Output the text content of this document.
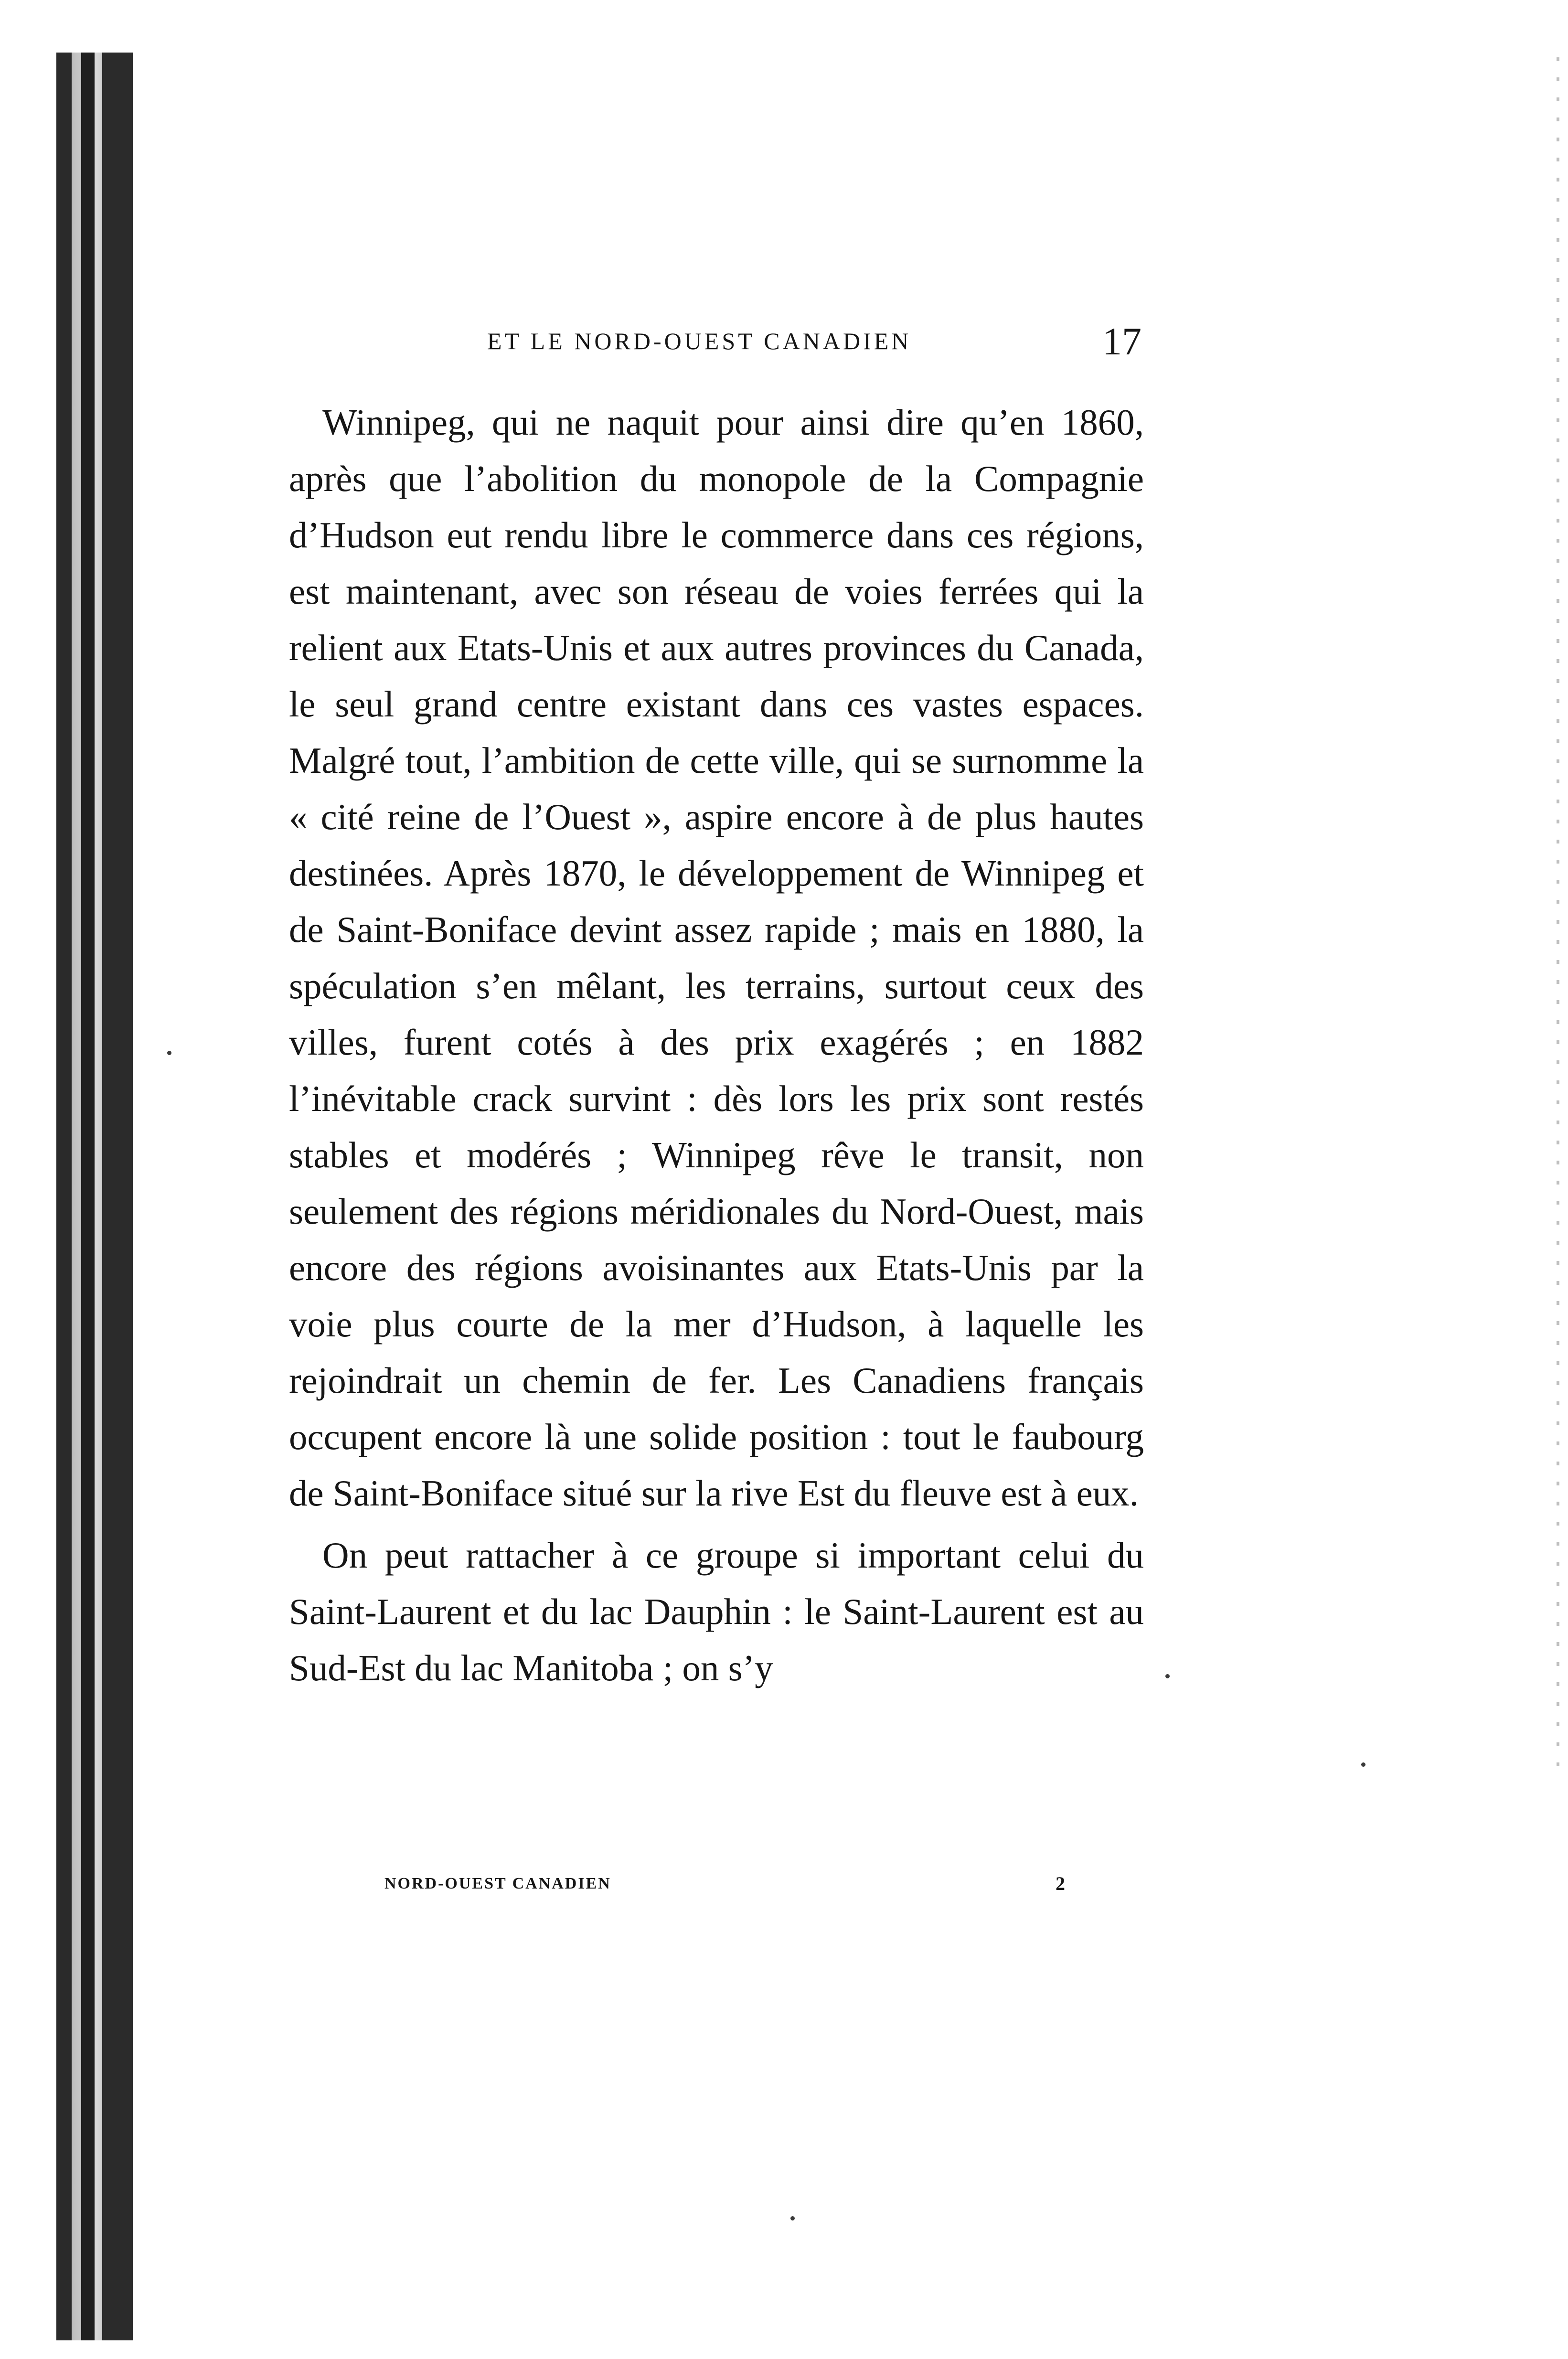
ET LE NORD-OUEST CANADIEN	17

Winnipeg, qui ne naquit pour ainsi dire qu’en 1860, après que l’abolition du monopole de la Compagnie d’Hudson eut rendu libre le commerce dans ces régions, est maintenant, avec son réseau de voies ferrées qui la relient aux Etats-Unis et aux autres provinces du Canada, le seul grand centre existant dans ces vastes espaces. Malgré tout, l’ambition de cette ville, qui se surnomme la « cité reine de l’Ouest », aspire encore à de plus hautes destinées. Après 1870, le développement de Winnipeg et de Saint-Boniface devint assez rapide ; mais en 1880, la spéculation s’en mêlant, les terrains, surtout ceux des villes, furent cotés à des prix exagérés ; en 1882 l’inévitable crack survint : dès lors les prix sont restés stables et modérés ; Winnipeg rêve le transit, non seulement des régions méridionales du Nord-Ouest, mais encore des régions avoisinantes aux Etats-Unis par la voie plus courte de la mer d’Hudson, à laquelle les rejoindrait un chemin de fer. Les Canadiens français occupent encore là une solide position : tout le faubourg de Saint-Boniface situé sur la rive Est du fleuve est à eux.

On peut rattacher à ce groupe si important celui du Saint-Laurent et du lac Dauphin : le Saint-Laurent est au Sud-Est du lac Manitoba ; on s’y

NORD-OUEST CANADIEN	2
